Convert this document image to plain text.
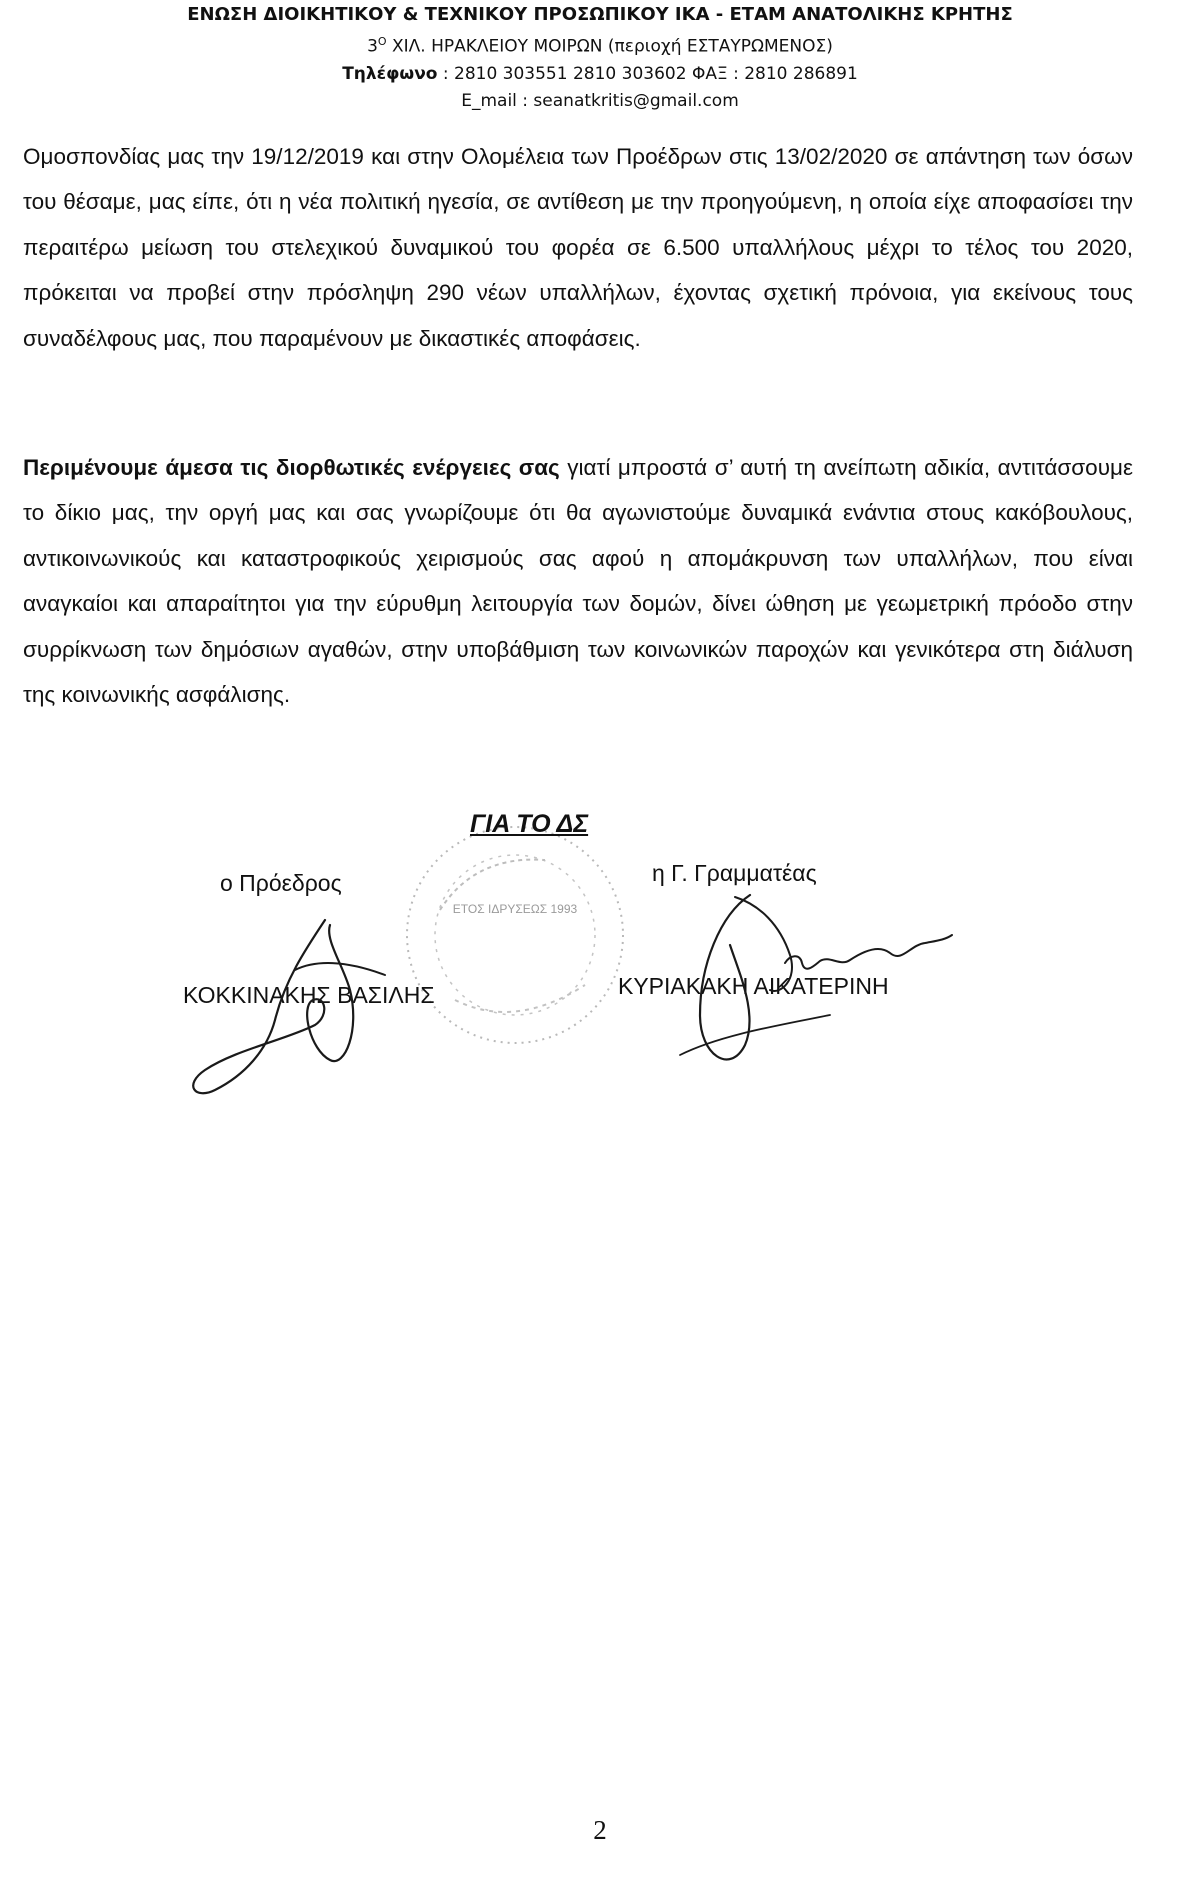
ΕΝΩΣΗ ΔΙΟΙΚΗΤΙΚΟΥ & ΤΕΧΝΙΚΟΥ ΠΡΟΣΩΠΙΚΟΥ ΙΚΑ - ΕΤΑΜ ΑΝΑΤΟΛΙΚΗΣ ΚΡΗΤΗΣ
$3^O$ ΧΙΛ. ΗΡΑΚΛΕΙΟΥ ΜΟΙΡΩΝ (περιοχή ΕΣΤΑΥΡΩΜΕΝΟΣ)
Τηλέφωνο : 2810 303551 2810 303602 ΦΑΞ : 2810 286891
E_mail : seanatkritis@gmail.com

Ομοσπονδίας μας την 19/12/2019 και στην Ολομέλεια των Προέδρων στις 13/02/2020 σε απάντηση των όσων του θέσαμε, μας είπε, ότι η νέα πολιτική ηγεσία, σε αντίθεση με την προηγούμενη, η οποία είχε αποφασίσει την περαιτέρω μείωση του στελεχικού δυναμικού του φορέα σε 6.500 υπαλλήλους μέχρι το τέλος του 2020, πρόκειται να προβεί στην πρόσληψη 290 νέων υπαλλήλων, έχοντας σχετική πρόνοια, για εκείνους τους συναδέλφους μας, που παραμένουν με δικαστικές αποφάσεις.

Περιμένουμε άμεσα τις διορθωτικές ενέργειες σας γιατί μπροστά σ’ αυτή τη ανείπωτη αδικία, αντιτάσσουμε το δίκιο μας, την οργή μας και σας γνωρίζουμε ότι θα αγωνιστούμε δυναμικά ενάντια στους κακόβουλους, αντικοινωνικούς και καταστροφικούς χειρισμούς σας αφού η απομάκρυνση των υπαλλήλων, που είναι αναγκαίοι και απαραίτητοι για την εύρυθμη λειτουργία των δομών, δίνει ώθηση με γεωμετρική πρόοδο στην συρρίκνωση των δημόσιων αγαθών, στην υποβάθμιση των κοινωνικών παροχών και γενικότερα στη διάλυση της κοινωνικής ασφάλισης.

ΕΤΟΣ ΙΔΡΥΣΕΩΣ 1993
ΓΙΑ ΤΟ ΔΣ
ο Πρόεδρος	η Γ. Γραμματέας
ΚΟΚΚΙΝΑΚΗΣ ΒΑΣΙΛΗΣ	ΚΥΡΙΑΚΑΚΗ ΑΙΚΑΤΕΡΙΝΗ
2
